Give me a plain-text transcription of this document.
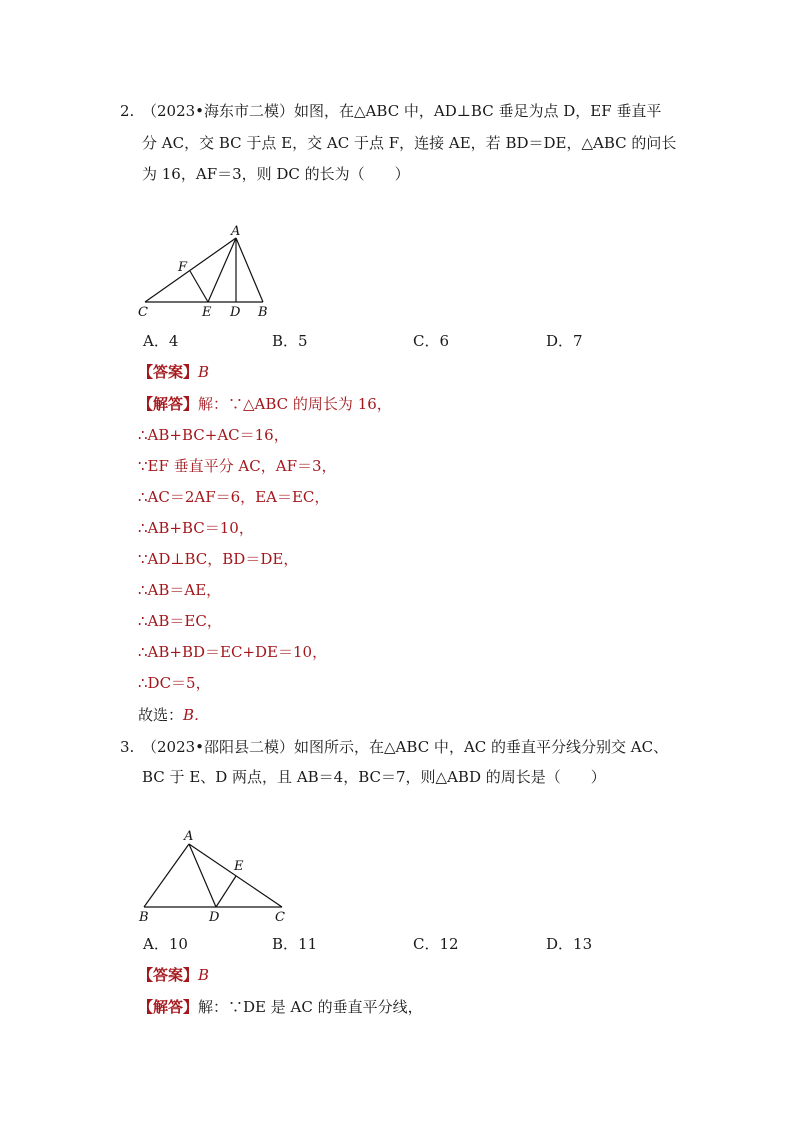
2. （2023•海东市二模）如图，在△ABC 中，AD⊥BC 垂足为点 D，EF 垂直平
分 AC，交 BC 于点 E，交 AC 于点 F，连接 AE，若 BD＝DE，△ABC 的问长
为 16，AF＝3，则 DC 的长为（　　）
A
F
C	E D B
A．4	B．5	C．6	D．7
【答案】B
【解答】解：∵△ABC 的周长为 16，
∴AB+BC+AC＝16，
∵EF 垂直平分 AC，AF＝3，
∴AC＝2AF＝6，EA＝EC，
∴AB+BC＝10，
∵AD⊥BC，BD＝DE，
∴AB＝AE，
∴AB＝EC，
∴AB+BD＝EC+DE＝10，
∴DC＝5，
故选：B．
3. （2023•邵阳县二模）如图所示，在△ABC 中，AC 的垂直平分线分别交 AC、
BC 于 E、D 两点，且 AB＝4，BC＝7，则△ABD 的周长是（　　）
A
E
B	D	C
A．10	B．11	C．12	D．13
【答案】B
【解答】解：∵DE 是 AC 的垂直平分线，
